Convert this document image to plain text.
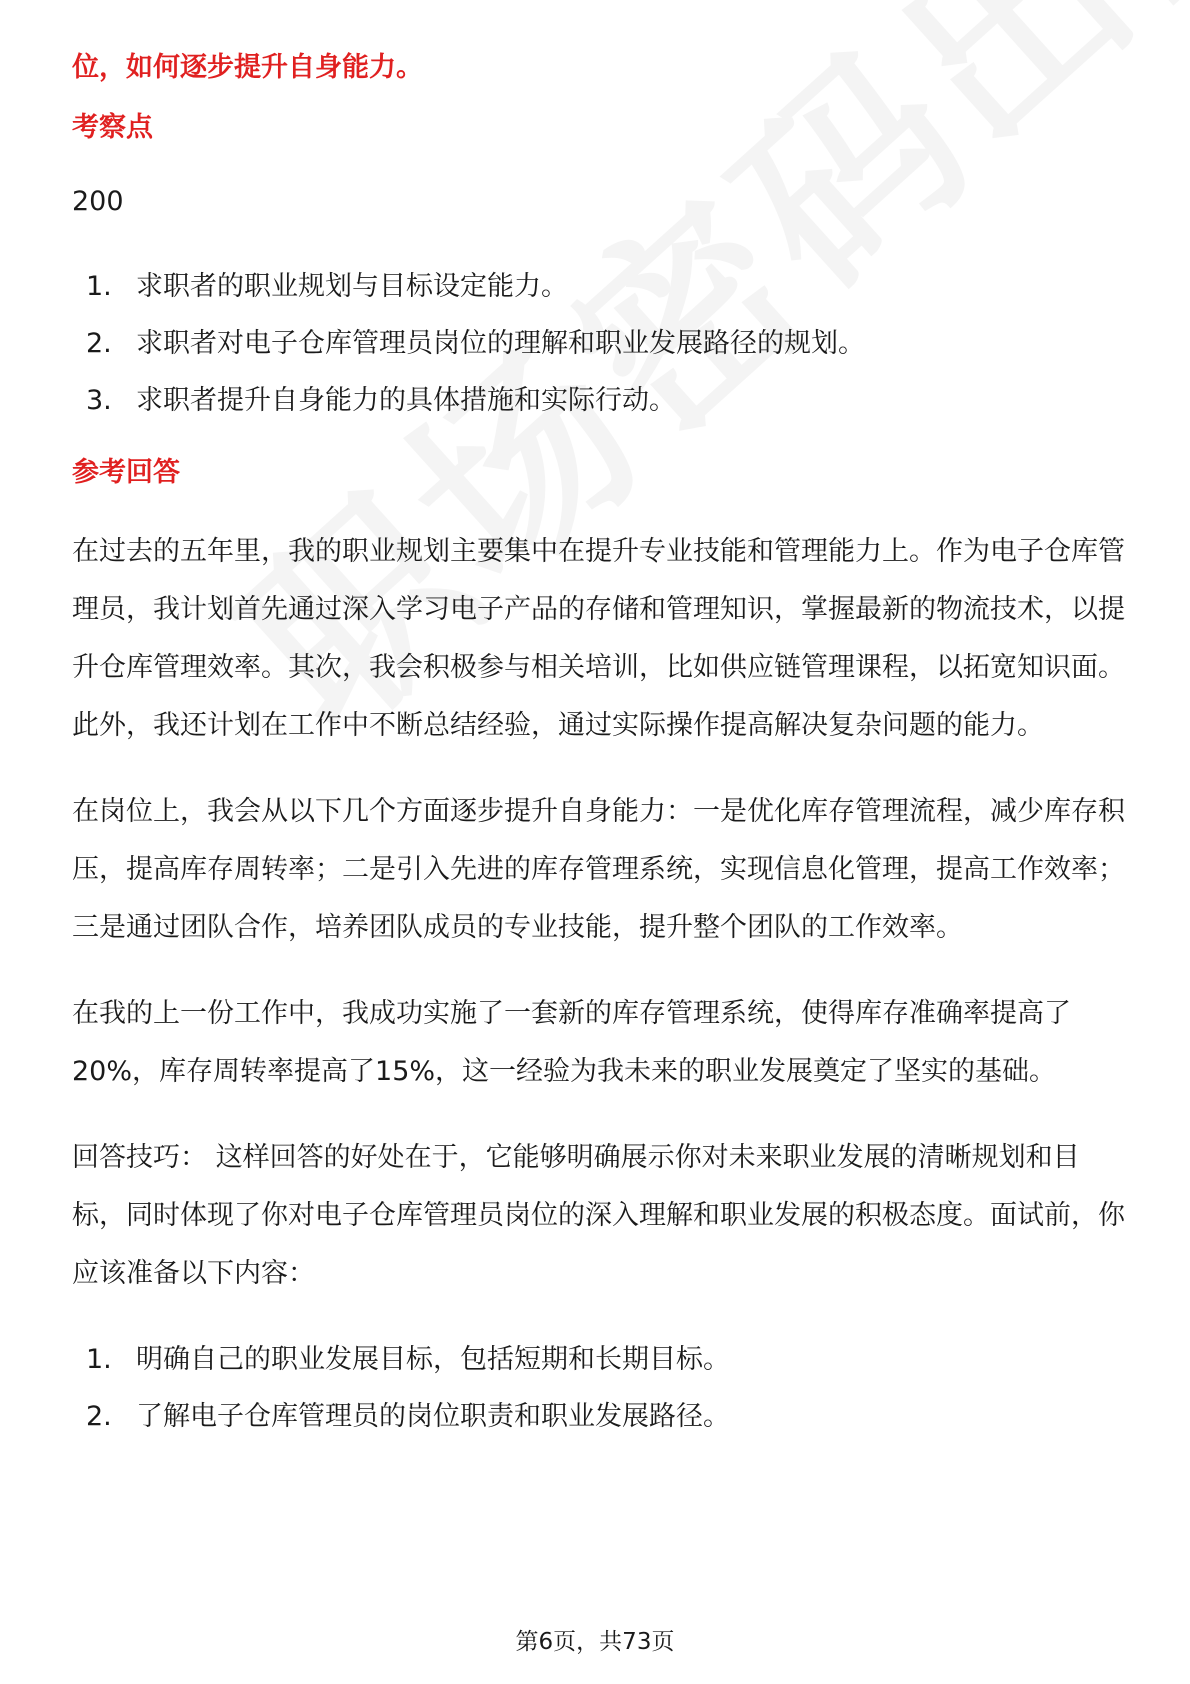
位，如何逐步提升自身能力。

考察点

200

1. 求职者的职业规划与目标设定能力。
2. 求职者对电子仓库管理员岗位的理解和职业发展路径的规划。
3. 求职者提升自身能力的具体措施和实际行动。

参考回答

在过去的五年里，我的职业规划主要集中在提升专业技能和管理能力上。作为电子仓库管理员，我计划首先通过深入学习电子产品的存储和管理知识，掌握最新的物流技术，以提升仓库管理效率。其次，我会积极参与相关培训，比如供应链管理课程，以拓宽知识面。此外，我还计划在工作中不断总结经验，通过实际操作提高解决复杂问题的能力。

在岗位上，我会从以下几个方面逐步提升自身能力：一是优化库存管理流程，减少库存积压，提高库存周转率；二是引入先进的库存管理系统，实现信息化管理，提高工作效率；三是通过团队合作，培养团队成员的专业技能，提升整个团队的工作效率。

在我的上一份工作中，我成功实施了一套新的库存管理系统，使得库存准确率提高了20%，库存周转率提高了15%，这一经验为我未来的职业发展奠定了坚实的基础。

回答技巧： 这样回答的好处在于，它能够明确展示你对未来职业发展的清晰规划和目标，同时体现了你对电子仓库管理员岗位的深入理解和职业发展的积极态度。面试前，你应该准备以下内容：

1. 明确自己的职业发展目标，包括短期和长期目标。
2. 了解电子仓库管理员的岗位职责和职业发展路径。
第6页，共73页
